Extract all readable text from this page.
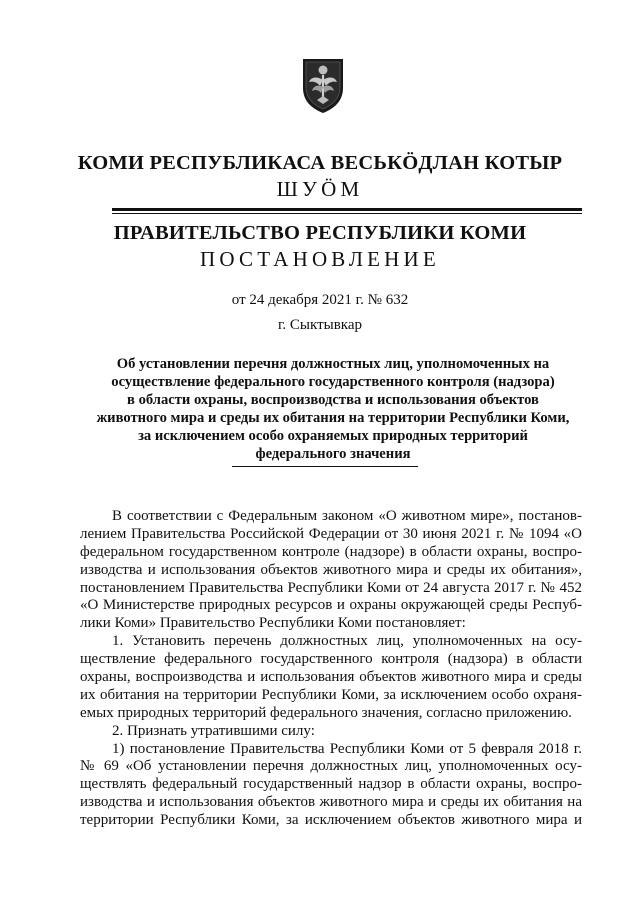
КОМИ РЕСПУБЛИКАСА ВЕСЬКӦДЛАН КОТЫР
ШУӦМ
ПРАВИТЕЛЬСТВО РЕСПУБЛИКИ КОМИ
ПОСТАНОВЛЕНИЕ
от 24 декабря 2021 г. № 632
г. Сыктывкар
Об установлении перечня должностных лиц, уполномоченных на
осуществление федерального государственного контроля (надзора)
в области охраны, воспроизводства и использования объектов
животного мира и среды их обитания на территории Республики Коми,
за исключением особо охраняемых природных территорий
федерального значения
В соответствии с Федеральным законом «О животном мире», постанов-
лением Правительства Российской Федерации от 30 июня 2021 г. № 1094 «О
федеральном государственном контроле (надзоре) в области охраны, воспро-
изводства и использования объектов животного мира и среды их обитания»,
постановлением Правительства Республики Коми от 24 августа 2017 г. № 452
«О Министерстве природных ресурсов и охраны окружающей среды Респуб-
лики Коми» Правительство Республики Коми постановляет:
1. Установить перечень должностных лиц, уполномоченных на осу-
ществление федерального государственного контроля (надзора) в области
охраны, воспроизводства и использования объектов животного мира и среды
их обитания на территории Республики Коми, за исключением особо охраня-
емых природных территорий федерального значения, согласно приложению.
2. Признать утратившими силу:
1) постановление Правительства Республики Коми от 5 февраля 2018 г.
№ 69 «Об установлении перечня должностных лиц, уполномоченных осу-
ществлять федеральный государственный надзор в области охраны, воспро-
изводства и использования объектов животного мира и среды их обитания на
территории Республики Коми, за исключением объектов животного мира и
